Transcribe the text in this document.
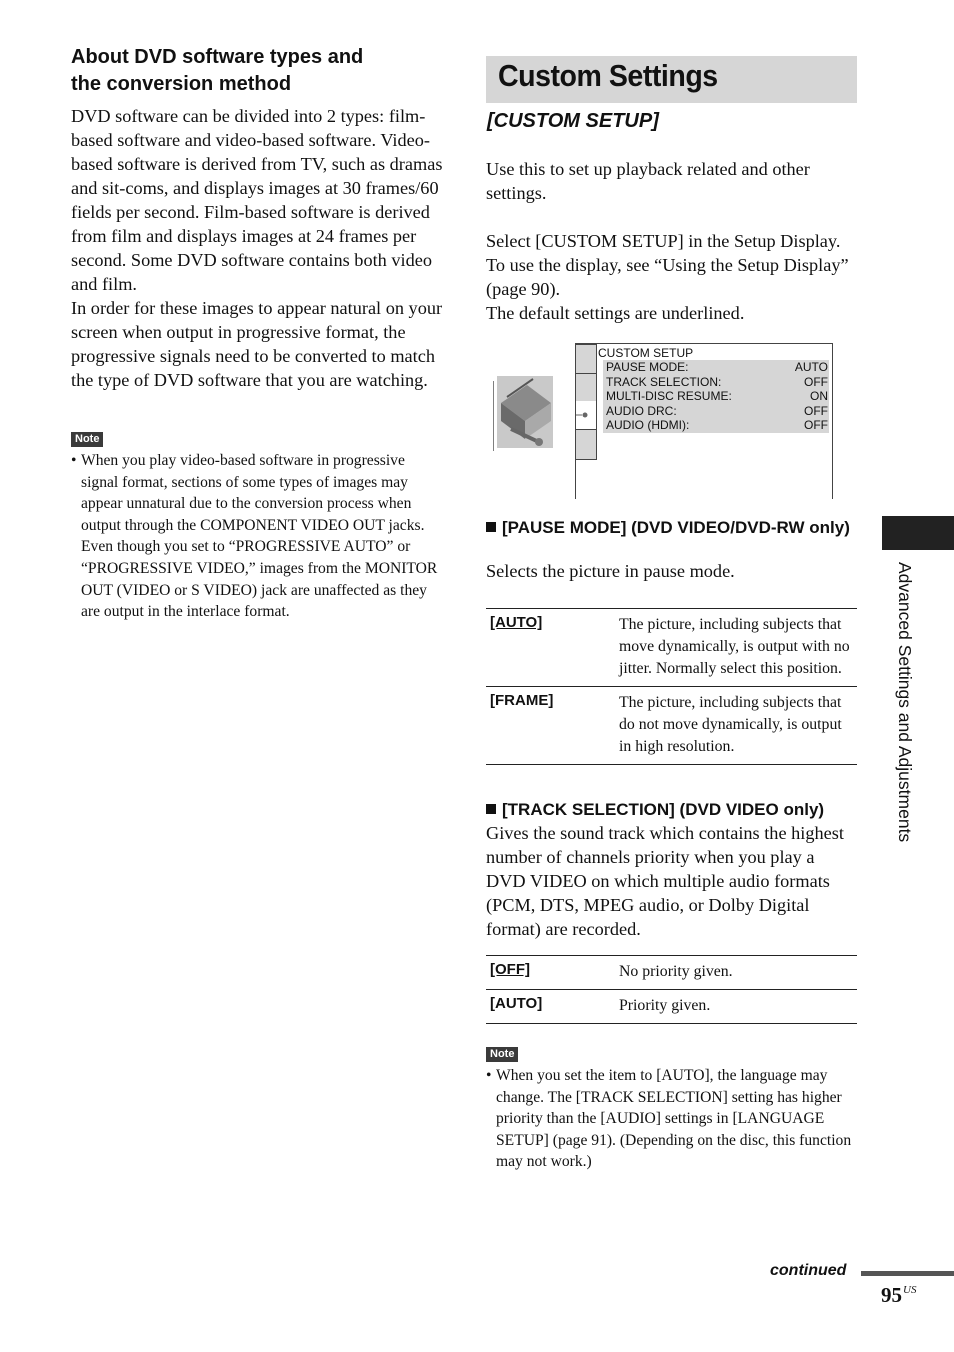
About DVD software types and
the conversion method

DVD software can be divided into 2 types: film-based software and video-based software. Video-based software is derived from TV, such as dramas and sit-coms, and displays images at 30 frames/60 fields per second. Film-based software is derived from film and displays images at 24 frames per second. Some DVD software contains both video and film.

In order for these images to appear natural on your screen when output in progressive format, the progressive signals need to be converted to match the type of DVD software that you are watching.

Note
• When you play video-based software in progressive signal format, sections of some types of images may appear unnatural due to the conversion process when output through the COMPONENT VIDEO OUT jacks. Even though you set to “PROGRESSIVE AUTO” or “PROGRESSIVE VIDEO,” images from the MONITOR OUT (VIDEO or S VIDEO) jack are unaffected as they are output in the interlace format.
Custom Settings
[CUSTOM SETUP]

Use this to set up playback related and other settings.

Select [CUSTOM SETUP] in the Setup Display. To use the display, see “Using the Setup Display” (page 90).

The default settings are underlined.

CUSTOM SETUP
PAUSE MODE:	AUTO
TRACK SELECTION:	OFF
MULTI-DISC RESUME:	ON
AUDIO DRC:	OFF
AUDIO (HDMI):	OFF
[PAUSE MODE] (DVD VIDEO/DVD-RW only)
Selects the picture in pause mode.
[AUTO]	The picture, including subjects that move dynamically, is output with no jitter. Normally select this position.
[FRAME]	The picture, including subjects that do not move dynamically, is output in high resolution.
[TRACK SELECTION] (DVD VIDEO only)
Gives the sound track which contains the highest number of channels priority when you play a DVD VIDEO on which multiple audio formats (PCM, DTS, MPEG audio, or Dolby Digital format) are recorded.
[OFF]	No priority given.
[AUTO]	Priority given.
Note
• When you set the item to [AUTO], the language may change. The [TRACK SELECTION] setting has higher priority than the [AUDIO] settings in [LANGUAGE SETUP] (page 91). (Depending on the disc, this function may not work.)
Advanced Settings and Adjustments
continued
$95^{US}$
